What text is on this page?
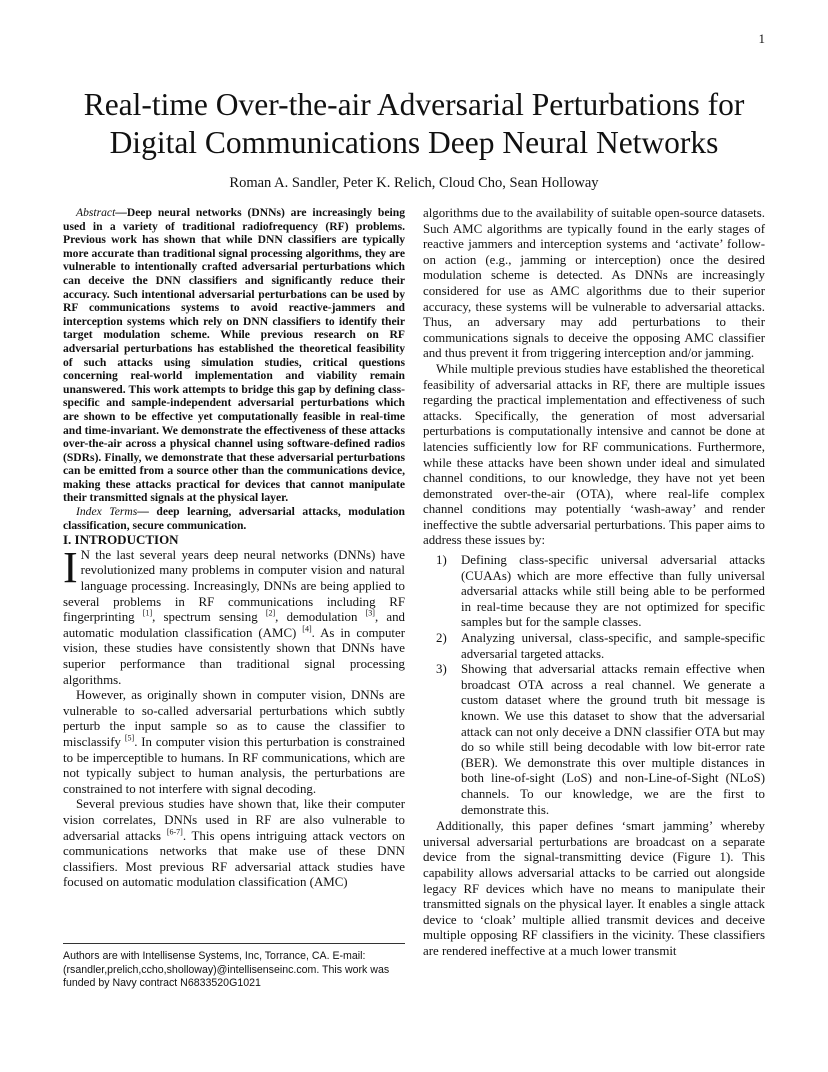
1
Real-time Over-the-air Adversarial Perturbations for
Digital Communications Deep Neural Networks
Roman A. Sandler, Peter K. Relich, Cloud Cho, Sean Holloway

Abstract—Deep neural networks (DNNs) are increasingly being used in a variety of traditional radiofrequency (RF) problems. Previous work has shown that while DNN classifiers are typically more accurate than traditional signal processing algorithms, they are vulnerable to intentionally crafted adversarial perturbations which can deceive the DNN classifiers and significantly reduce their accuracy. Such intentional adversarial perturbations can be used by RF communications systems to avoid reactive-jammers and interception systems which rely on DNN classifiers to identify their target modulation scheme. While previous research on RF adversarial perturbations has established the theoretical feasibility of such attacks using simulation studies, critical questions concerning real-world implementation and viability remain unanswered. This work attempts to bridge this gap by defining class-specific and sample-independent adversarial perturbations which are shown to be effective yet computationally feasible in real-time and time-invariant. We demonstrate the effectiveness of these attacks over-the-air across a physical channel using software-defined radios (SDRs). Finally, we demonstrate that these adversarial perturbations can be emitted from a source other than the communications device, making these attacks practical for devices that cannot manipulate their transmitted signals at the physical layer.

Index Terms— deep learning, adversarial attacks, modulation classification, secure communication.

I. INTRODUCTION

I N the last several years deep neural networks (DNNs) have revolutionized many problems in computer vision and natural language processing. Increasingly, DNNs are being applied to several problems in RF communications including RF fingerprinting [1], spectrum sensing [2], demodulation [3], and automatic modulation classification (AMC) [4]. As in computer vision, these studies have consistently shown that DNNs have superior performance than traditional signal processing algorithms.

However, as originally shown in computer vision, DNNs are vulnerable to so-called adversarial perturbations which subtly perturb the input sample so as to cause the classifier to misclassify [5]. In computer vision this perturbation is constrained to be imperceptible to humans. In RF communications, which are not typically subject to human analysis, the perturbations are constrained to not interfere with signal decoding.

Several previous studies have shown that, like their computer vision correlates, DNNs used in RF are also vulnerable to adversarial attacks [6-7]. This opens intriguing attack vectors on communications networks that make use of these DNN classifiers. Most previous RF adversarial attack studies have focused on automatic modulation classification (AMC)

Authors are with Intellisense Systems, Inc, Torrance, CA. E-mail: (rsandler,prelich,ccho,sholloway)@intellisenseinc.com. This work was funded by Navy contract N6833520G1021

algorithms due to the availability of suitable open-source datasets. Such AMC algorithms are typically found in the early stages of reactive jammers and interception systems and ‘activate’ follow-on action (e.g., jamming or interception) once the desired modulation scheme is detected. As DNNs are increasingly considered for use as AMC algorithms due to their superior accuracy, these systems will be vulnerable to adversarial attacks. Thus, an adversary may add perturbations to their communications signals to deceive the opposing AMC classifier and thus prevent it from triggering interception and/or jamming.

While multiple previous studies have established the theoretical feasibility of adversarial attacks in RF, there are multiple issues regarding the practical implementation and effectiveness of such attacks. Specifically, the generation of most adversarial perturbations is computationally intensive and cannot be done at latencies sufficiently low for RF communications. Furthermore, while these attacks have been shown under ideal and simulated channel conditions, to our knowledge, they have not yet been demonstrated over-the-air (OTA), where real-life complex channel conditions may potentially ‘wash-away’ and render ineffective the subtle adversarial perturbations. This paper aims to address these issues by:

1) Defining class-specific universal adversarial attacks (CUAAs) which are more effective than fully universal adversarial attacks while still being able to be performed in real-time because they are not optimized for specific samples but for the sample classes.
2) Analyzing universal, class-specific, and sample-specific adversarial targeted attacks.
3) Showing that adversarial attacks remain effective when broadcast OTA across a real channel. We generate a custom dataset where the ground truth bit message is known. We use this dataset to show that the adversarial attack can not only deceive a DNN classifier OTA but may do so while still being decodable with low bit-error rate (BER). We demonstrate this over multiple distances in both line-of-sight (LoS) and non-Line-of-Sight (NLoS) channels. To our knowledge, we are the first to demonstrate this.

Additionally, this paper defines ‘smart jamming’ whereby universal adversarial perturbations are broadcast on a separate device from the signal-transmitting device (Figure 1). This capability allows adversarial attacks to be carried out alongside legacy RF devices which have no means to manipulate their transmitted signals on the physical layer. It enables a single attack device to ‘cloak’ multiple allied transmit devices and deceive multiple opposing RF classifiers in the vicinity. These classifiers are rendered ineffective at a much lower transmit
